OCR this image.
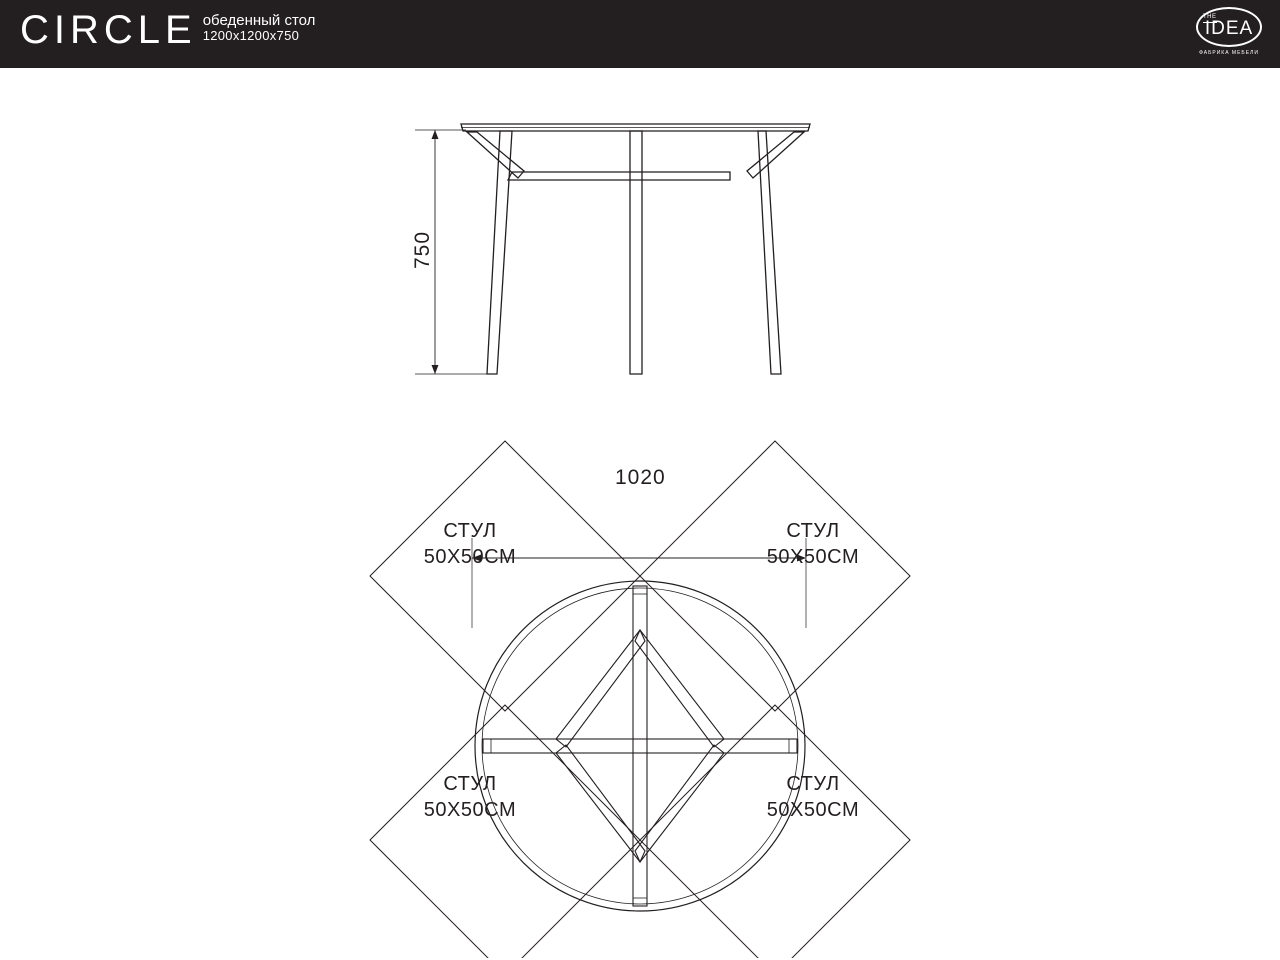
CIRCLE обеденный стол
1200x1200x750
THE
IDEA
ФАБРИКА МЕБЕЛИ
750
1020
СТУЛ
50X50CM
СТУЛ
50X50CM
СТУЛ
50X50CM
СТУЛ
50X50CM
